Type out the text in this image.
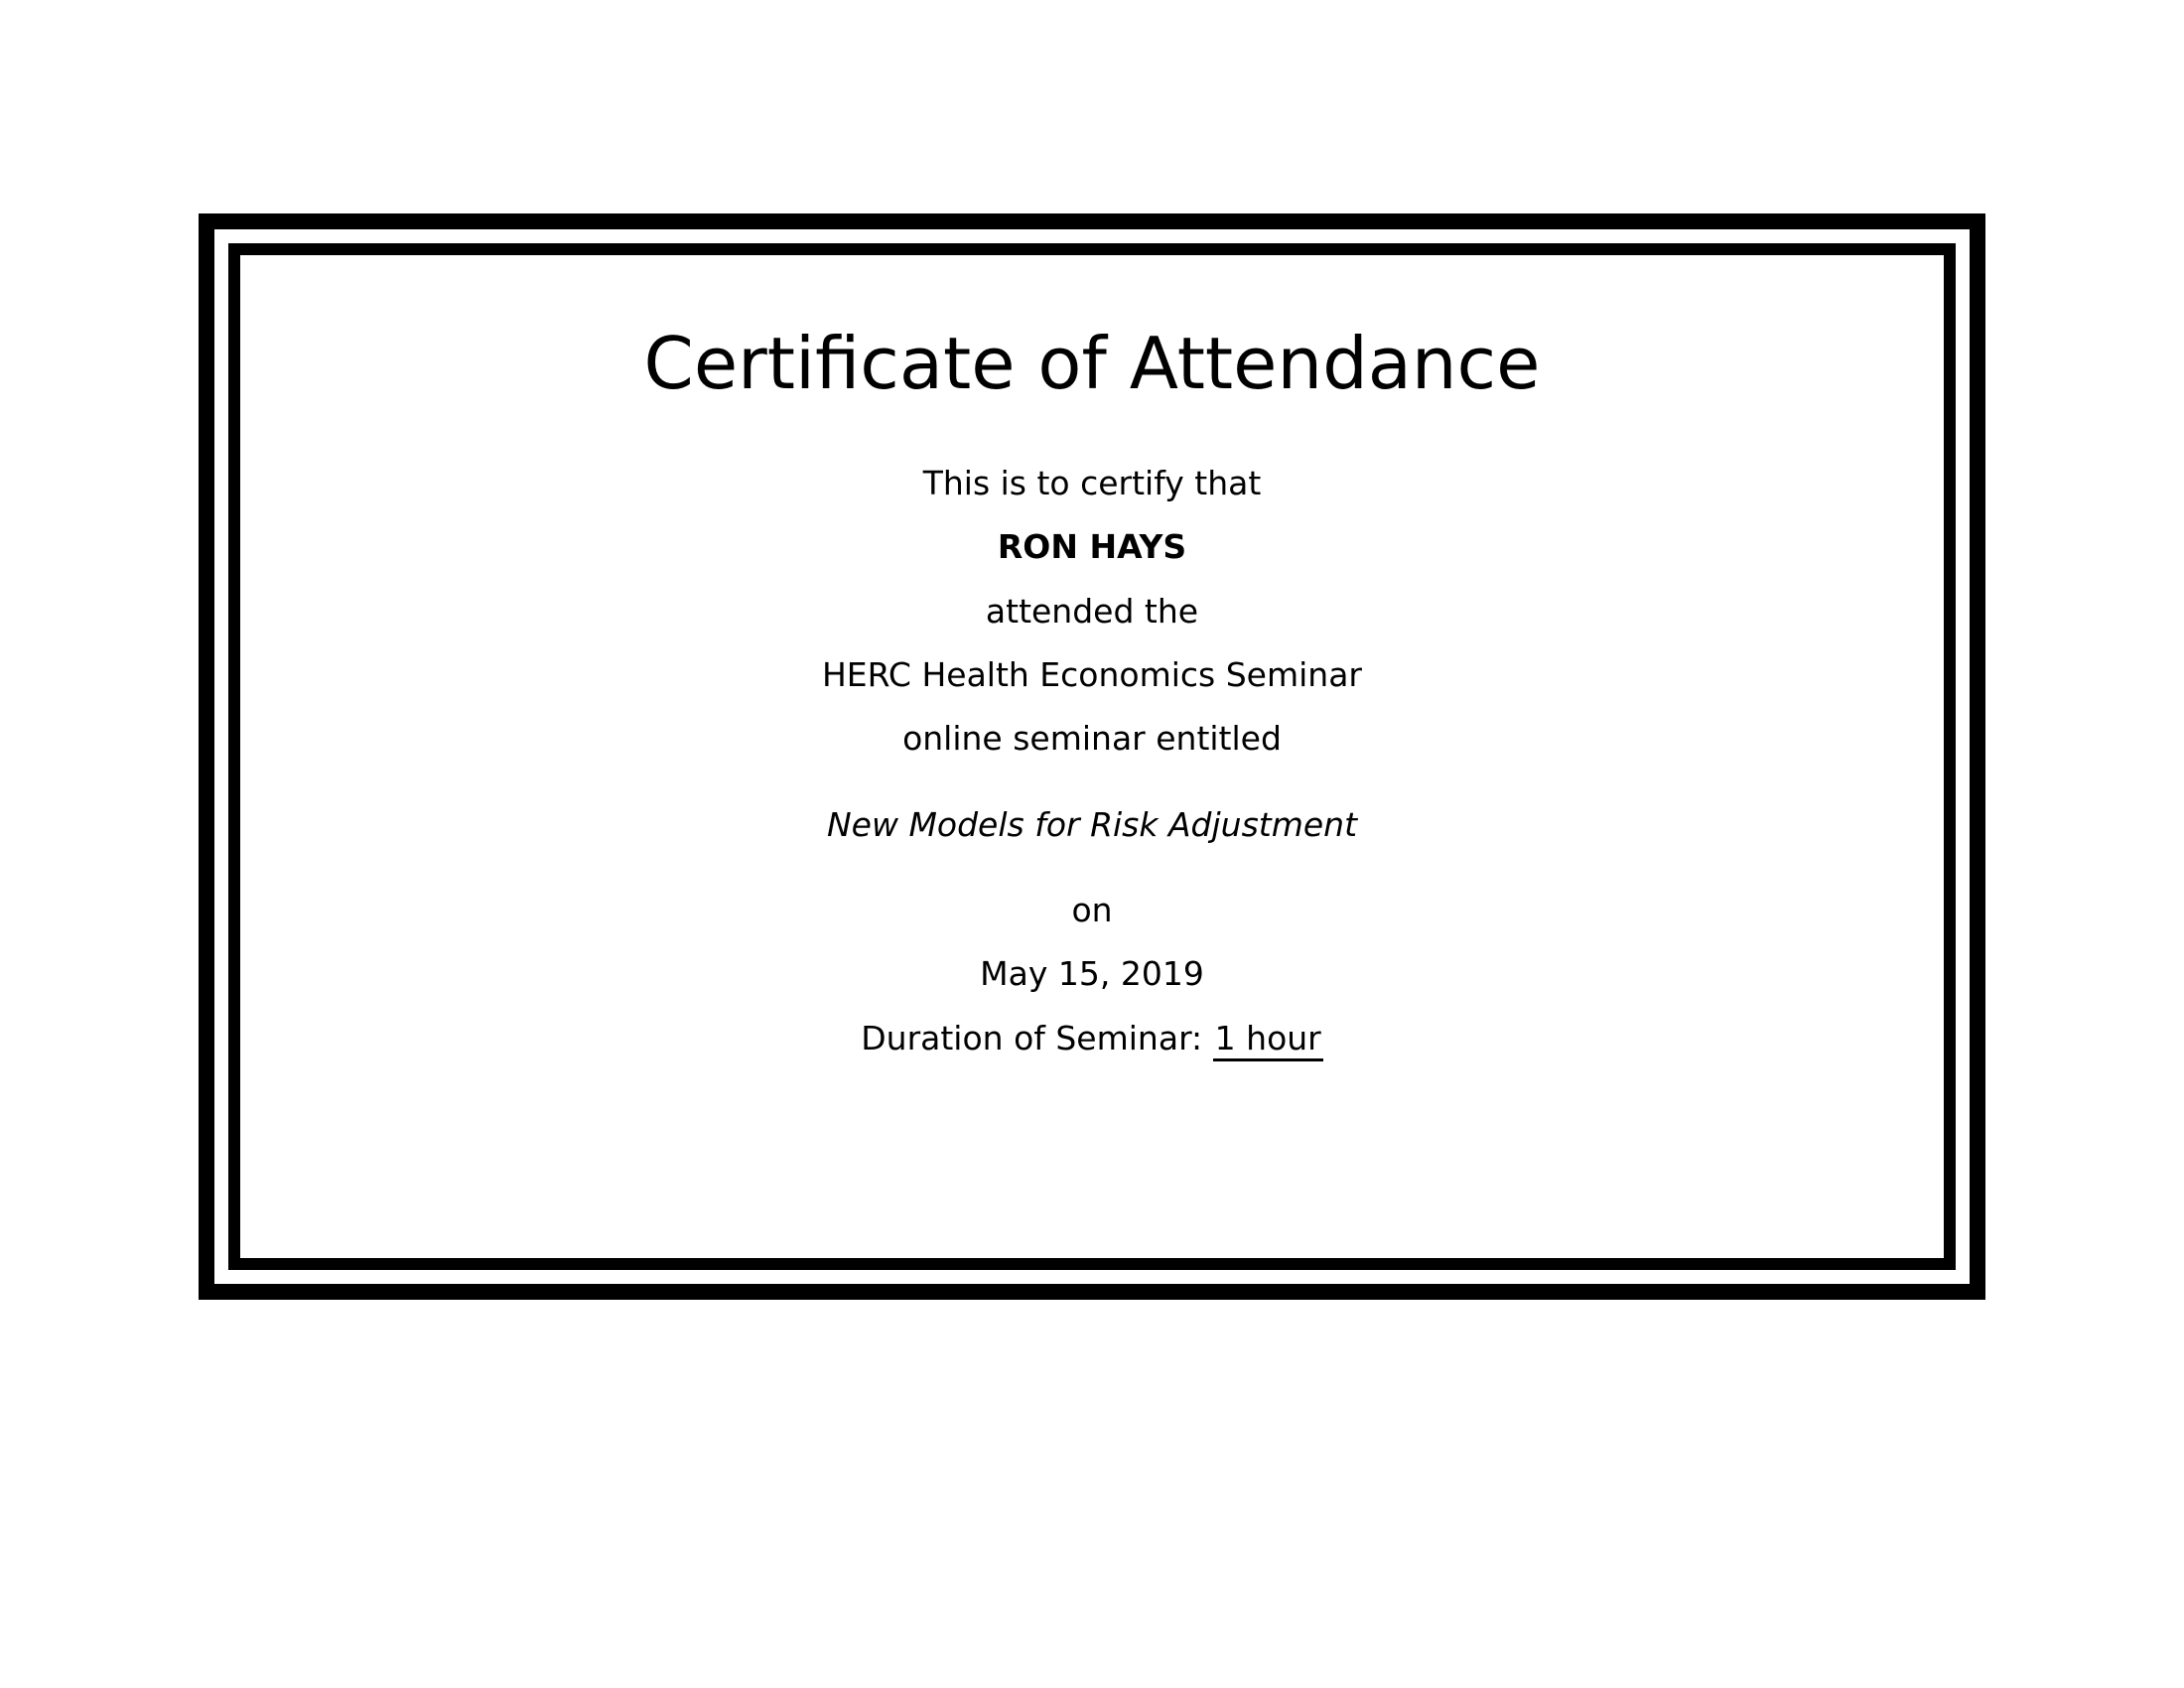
Certificate of Attendance

This is to certify that

RON HAYS

attended the

HERC Health Economics Seminar

online seminar entitled

New Models for Risk Adjustment

on

May 15, 2019

Duration of Seminar: 1 hour
